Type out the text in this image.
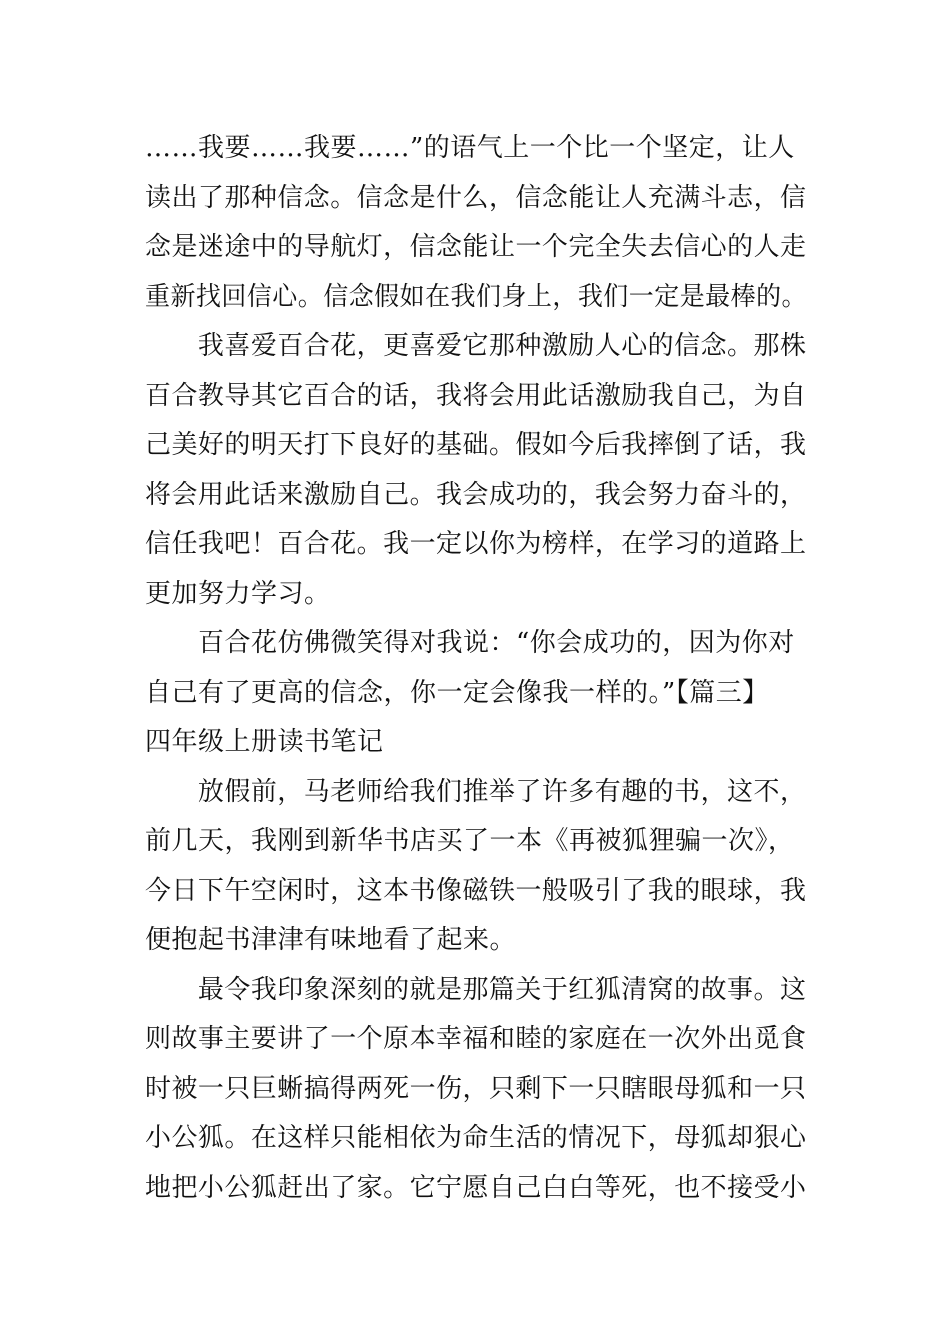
……我要……我要……”的语气上一个比一个坚定，让人
读出了那种信念。信念是什么，信念能让人充满斗志，信
念是迷途中的导航灯，信念能让一个完全失去信心的人走
重新找回信心。信念假如在我们身上，我们一定是最棒的。
我喜爱百合花，更喜爱它那种激励人心的信念。那株
百合教导其它百合的话，我将会用此话激励我自己，为自
己美好的明天打下良好的基础。假如今后我摔倒了话，我
将会用此话来激励自己。我会成功的，我会努力奋斗的，
信任我吧！百合花。我一定以你为榜样，在学习的道路上
更加努力学习。
百合花仿佛微笑得对我说：“你会成功的，因为你对
自己有了更高的信念，你一定会像我一样的。”【篇三】
四年级上册读书笔记
放假前，马老师给我们推举了许多有趣的书，这不，
前几天，我刚到新华书店买了一本《再被狐狸骗一次》，
今日下午空闲时，这本书像磁铁一般吸引了我的眼球，我
便抱起书津津有味地看了起来。
最令我印象深刻的就是那篇关于红狐清窝的故事。这
则故事主要讲了一个原本幸福和睦的家庭在一次外出觅食
时被一只巨蜥搞得两死一伤，只剩下一只瞎眼母狐和一只
小公狐。在这样只能相依为命生活的情况下，母狐却狠心
地把小公狐赶出了家。它宁愿自己白白等死，也不接受小
